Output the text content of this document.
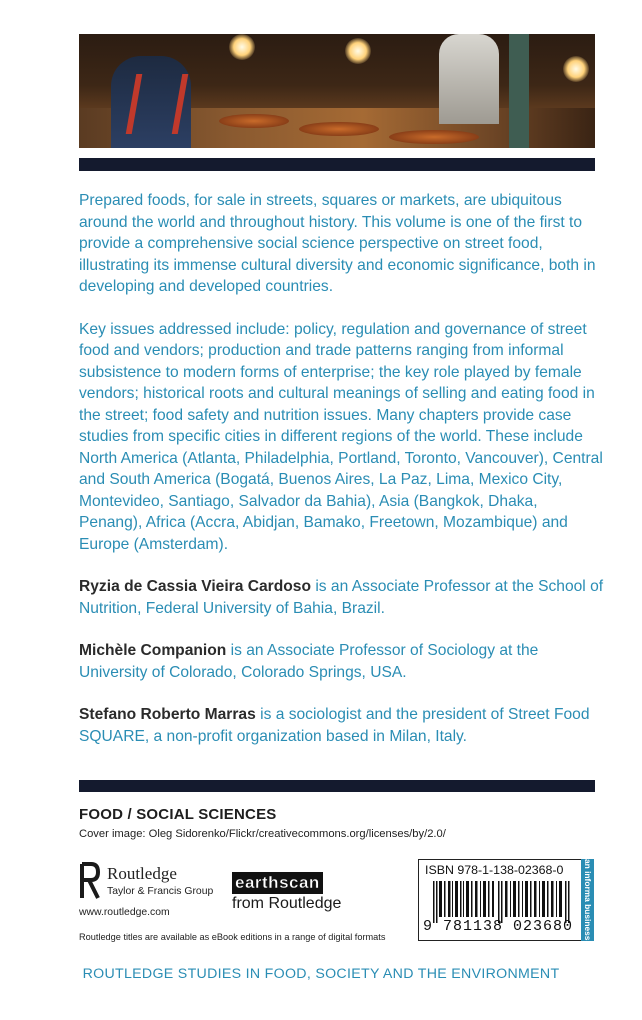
Prepared foods, for sale in streets, squares or markets, are ubiquitous around the world and throughout history. This volume is one of the first to provide a comprehensive social science perspective on street food, illustrating its immense cultural diversity and economic significance, both in developing and developed countries.

Key issues addressed include: policy, regulation and governance of street food and vendors; production and trade patterns ranging from informal subsistence to modern forms of enterprise; the key role played by female vendors; historical roots and cultural meanings of selling and eating food in the street; food safety and nutrition issues. Many chapters provide case studies from specific cities in different regions of the world. These include North America (Atlanta, Philadelphia, Portland, Toronto, Vancouver), Central and South America (Bogatá, Buenos Aires, La Paz, Lima, Mexico City, Montevideo, Santiago, Salvador da Bahia), Asia (Bangkok, Dhaka, Penang), Africa (Accra, Abidjan, Bamako, Freetown, Mozambique) and Europe (Amsterdam).

Ryzia de Cassia Vieira Cardoso is an Associate Professor at the School of Nutrition, Federal University of Bahia, Brazil.

Michèle Companion is an Associate Professor of Sociology at the University of Colorado, Colorado Springs, USA.

Stefano Roberto Marras is a sociologist and the president of Street Food SQUARE, a non-profit organization based in Milan, Italy.

FOOD / SOCIAL SCIENCES
Cover image: Oleg Sidorenko/Flickr/creativecommons.org/licenses/by/2.0/
Routledge
Taylor & Francis Group
www.routledge.com
earthscan
from Routledge
Routledge titles are available as eBook editions in a range of digital formats
ISBN 978-1-138-02368-0
9 781138 023680 an informa business
ROUTLEDGE STUDIES IN FOOD, SOCIETY AND THE ENVIRONMENT
